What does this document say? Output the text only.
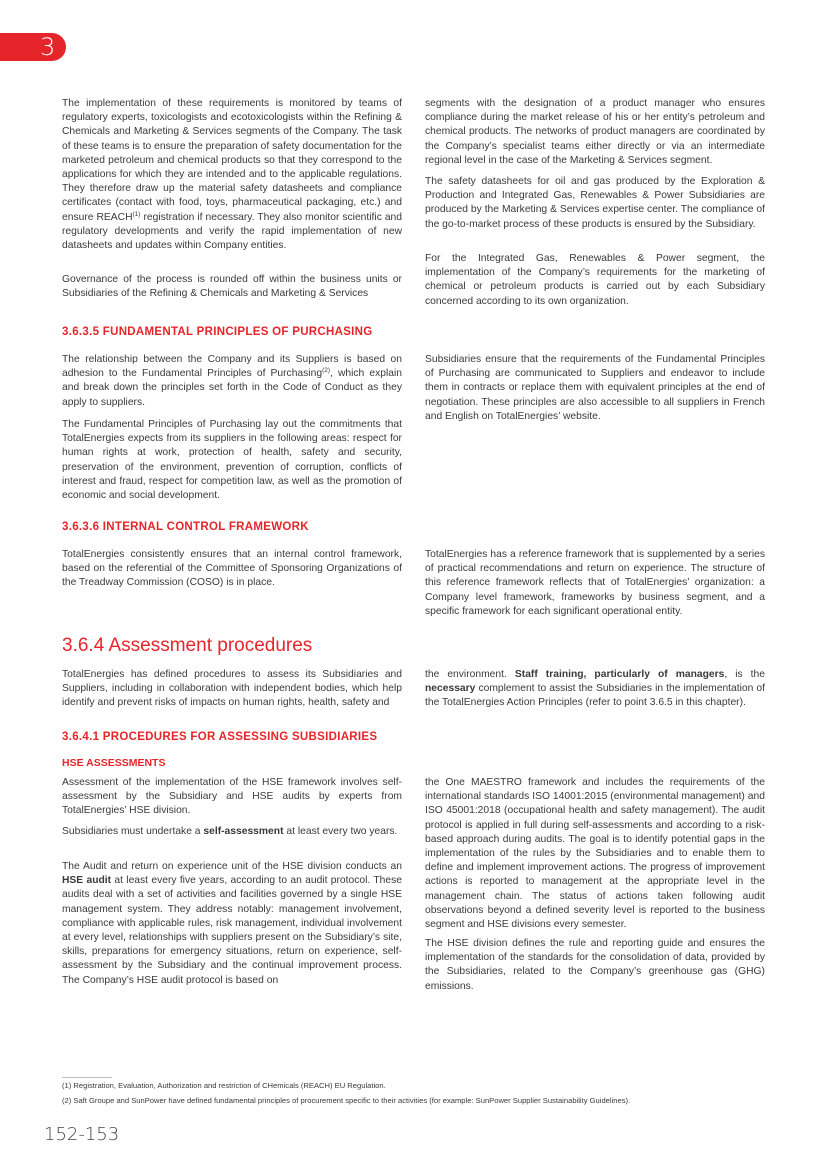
3

The implementation of these requirements is monitored by teams of regulatory experts, toxicologists and ecotoxicologists within the Refining & Chemicals and Marketing & Services segments of the Company. The task of these teams is to ensure the preparation of safety documentation for the marketed petroleum and chemical products so that they correspond to the applications for which they are intended and to the applicable regulations. They therefore draw up the material safety datasheets and compliance certificates (contact with food, toys, pharmaceutical packaging, etc.) and ensure REACH$^{(1)}$ registration if necessary. They also monitor scientific and regulatory developments and verify the rapid implementation of new datasheets and updates within Company entities.

Governance of the process is rounded off within the business units or Subsidiaries of the Refining & Chemicals and Marketing & Services

segments with the designation of a product manager who ensures compliance during the market release of his or her entity’s petroleum and chemical products. The networks of product managers are coordinated by the Company’s specialist teams either directly or via an intermediate regional level in the case of the Marketing & Services segment.

The safety datasheets for oil and gas produced by the Exploration & Production and Integrated Gas, Renewables & Power Subsidiaries are produced by the Marketing & Services expertise center. The compliance of the go-to-market process of these products is ensured by the Subsidiary.

For the Integrated Gas, Renewables & Power segment, the implementation of the Company’s requirements for the marketing of chemical or petroleum products is carried out by each Subsidiary concerned according to its own organization.

3.6.3.5 FUNDAMENTAL PRINCIPLES OF PURCHASING

The relationship between the Company and its Suppliers is based on adhesion to the Fundamental Principles of Purchasing$^{(2)}$, which explain and break down the principles set forth in the Code of Conduct as they apply to suppliers.

The Fundamental Principles of Purchasing lay out the commitments that TotalEnergies expects from its suppliers in the following areas: respect for human rights at work, protection of health, safety and security, preservation of the environment, prevention of corruption, conflicts of interest and fraud, respect for competition law, as well as the promotion of economic and social development.

Subsidiaries ensure that the requirements of the Fundamental Principles of Purchasing are communicated to Suppliers and endeavor to include them in contracts or replace them with equivalent principles at the end of negotiation. These principles are also accessible to all suppliers in French and English on TotalEnergies’ website.

3.6.3.6 INTERNAL CONTROL FRAMEWORK

TotalEnergies consistently ensures that an internal control framework, based on the referential of the Committee of Sponsoring Organizations of the Treadway Commission (COSO) is in place.

TotalEnergies has a reference framework that is supplemented by a series of practical recommendations and return on experience. The structure of this reference framework reflects that of TotalEnergies’ organization: a Company level framework, frameworks by business segment, and a specific framework for each significant operational entity.

3.6.4 Assessment procedures

TotalEnergies has defined procedures to assess its Subsidiaries and Suppliers, including in collaboration with independent bodies, which help identify and prevent risks of impacts on human rights, health, safety and

the environment. Staff training, particularly of managers, is the necessary complement to assist the Subsidiaries in the implementation of the TotalEnergies Action Principles (refer to point 3.6.5 in this chapter).

3.6.4.1 PROCEDURES FOR ASSESSING SUBSIDIARIES
HSE ASSESSMENTS

Assessment of the implementation of the HSE framework involves self-assessment by the Subsidiary and HSE audits by experts from TotalEnergies’ HSE division.

Subsidiaries must undertake a self-assessment at least every two years.

The Audit and return on experience unit of the HSE division conducts an HSE audit at least every five years, according to an audit protocol. These audits deal with a set of activities and facilities governed by a single HSE management system. They address notably: management involvement, compliance with applicable rules, risk management, individual involvement at every level, relationships with suppliers present on the Subsidiary’s site, skills, preparations for emergency situations, return on experience, self-assessment by the Subsidiary and the continual improvement process. The Company’s HSE audit protocol is based on

the One MAESTRO framework and includes the requirements of the international standards ISO 14001:2015 (environmental management) and ISO 45001:2018 (occupational health and safety management). The audit protocol is applied in full during self-assessments and according to a risk-based approach during audits. The goal is to identify potential gaps in the implementation of the rules by the Subsidiaries and to enable them to define and implement improvement actions. The progress of improvement actions is reported to management at the appropriate level in the management chain. The status of actions taken following audit observations beyond a defined severity level is reported to the business segment and HSE divisions every semester.

The HSE division defines the rule and reporting guide and ensures the implementation of the standards for the consolidation of data, provided by the Subsidiaries, related to the Company’s greenhouse gas (GHG) emissions.

(1) Registration, Evaluation, Authorization and restriction of CHemicals (REACH) EU Regulation.
(2) Saft Groupe and SunPower have defined fundamental principles of procurement specific to their activities (for example: SunPower Supplier Sustainability Guidelines).
152-153
